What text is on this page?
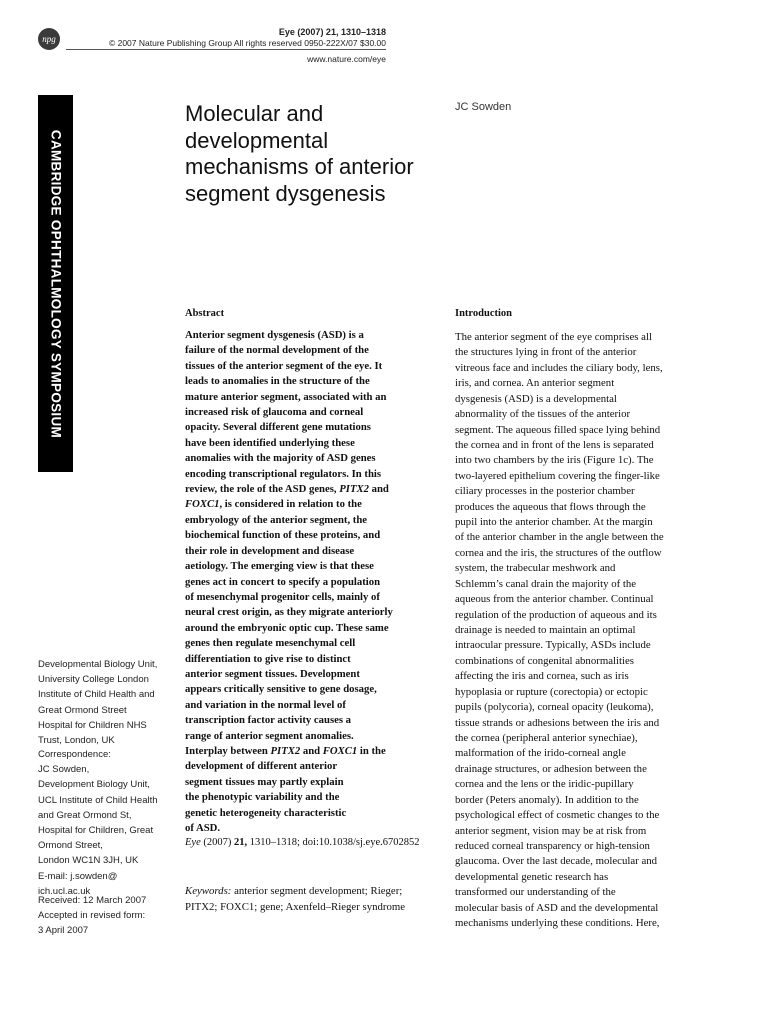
npg
Eye (2007) 21, 1310–1318
© 2007 Nature Publishing Group All rights reserved 0950-222X/07 $30.00
www.nature.com/eye
CAMBRIDGE OPHTHALMOLOGY SYMPOSIUM
Molecular and developmental mechanisms of anterior segment dysgenesis
JC Sowden

Developmental Biology Unit,
University College London
Institute of Child Health and
Great Ormond Street
Hospital for Children NHS
Trust, London, UK

Correspondence:
JC Sowden,
Development Biology Unit,
UCL Institute of Child Health
and Great Ormond St,
Hospital for Children, Great
Ormond Street,
London WC1N 3JH, UK
E-mail: j.sowden@
ich.ucl.ac.uk

Received: 12 March 2007
Accepted in revised form:
3 April 2007

Abstract
Anterior segment dysgenesis (ASD) is a
failure of the normal development of the
tissues of the anterior segment of the eye. It
leads to anomalies in the structure of the
mature anterior segment, associated with an
increased risk of glaucoma and corneal
opacity. Several different gene mutations
have been identified underlying these
anomalies with the majority of ASD genes
encoding transcriptional regulators. In this
review, the role of the ASD genes, PITX2 and
FOXC1, is considered in relation to the
embryology of the anterior segment, the
biochemical function of these proteins, and
their role in development and disease
aetiology. The emerging view is that these
genes act in concert to specify a population
of mesenchymal progenitor cells, mainly of
neural crest origin, as they migrate anteriorly
around the embryonic optic cup. These same
genes then regulate mesenchymal cell
differentiation to give rise to distinct
anterior segment tissues. Development
appears critically sensitive to gene dosage,
and variation in the normal level of
transcription factor activity causes a
range of anterior segment anomalies.
Interplay between PITX2 and FOXC1 in the
development of different anterior
segment tissues may partly explain
the phenotypic variability and the
genetic heterogeneity characteristic
of ASD.
Eye (2007) 21, 1310–1318; doi:10.1038/sj.eye.6702852
Keywords: anterior segment development; Rieger; PITX2; FOXC1; gene; Axenfeld–Rieger syndrome
Introduction
The anterior segment of the eye comprises all
the structures lying in front of the anterior
vitreous face and includes the ciliary body, lens,
iris, and cornea. An anterior segment
dysgenesis (ASD) is a developmental
abnormality of the tissues of the anterior
segment. The aqueous filled space lying behind
the cornea and in front of the lens is separated
into two chambers by the iris (Figure 1c). The
two-layered epithelium covering the finger-like
ciliary processes in the posterior chamber
produces the aqueous that flows through the
pupil into the anterior chamber. At the margin
of the anterior chamber in the angle between the
cornea and the iris, the structures of the outflow
system, the trabecular meshwork and
Schlemm’s canal drain the majority of the
aqueous from the anterior chamber. Continual
regulation of the production of aqueous and its
drainage is needed to maintain an optimal
intraocular pressure. Typically, ASDs include
combinations of congenital abnormalities
affecting the iris and cornea, such as iris
hypoplasia or rupture (corectopia) or ectopic
pupils (polycoria), corneal opacity (leukoma),
tissue strands or adhesions between the iris and
the cornea (peripheral anterior synechiae),
malformation of the irido-corneal angle
drainage structures, or adhesion between the
cornea and the lens or the iridic-pupillary
border (Peters anomaly). In addition to the
psychological effect of cosmetic changes to the
anterior segment, vision may be at risk from
reduced corneal transparency or high-tension
glaucoma. Over the last decade, molecular and
developmental genetic research has
transformed our understanding of the
molecular basis of ASD and the developmental
mechanisms underlying these conditions. Here,
